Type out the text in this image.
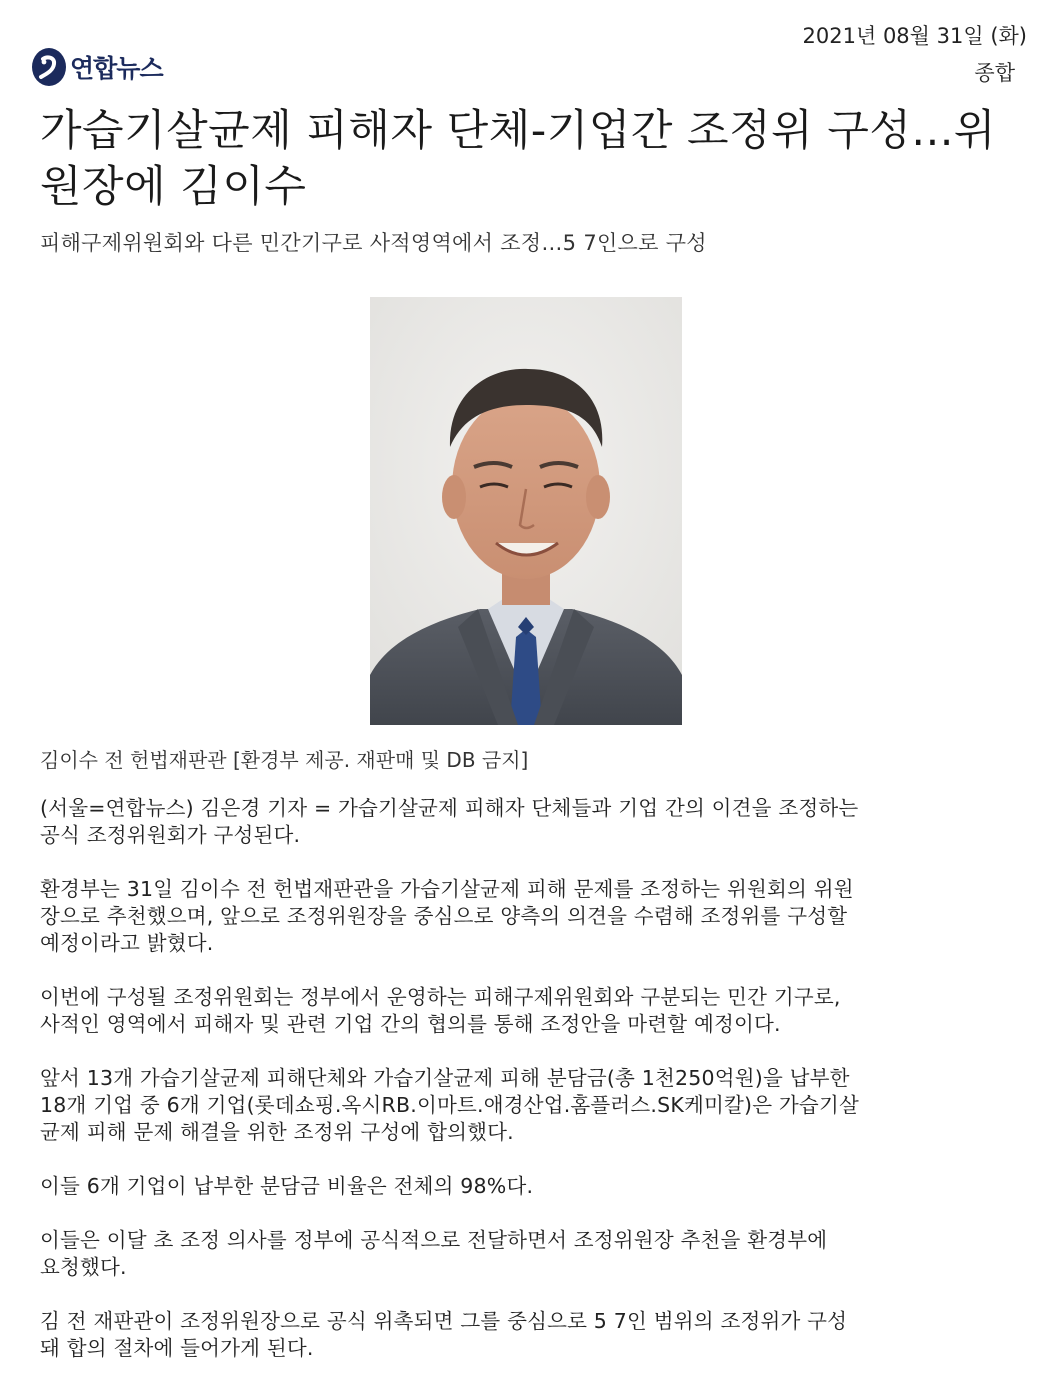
2021년 08월 31일 (화)
종합
연합뉴스
가습기살균제 피해자 단체-기업간 조정위 구성...위원장에 김이수
피해구제위원회와 다른 민간기구로 사적영역에서 조정…5 7인으로 구성
김이수 전 헌법재판관 [환경부 제공. 재판매 및 DB 금지]

(서울=연합뉴스) 김은경 기자 = 가습기살균제 피해자 단체들과 기업 간의 이견을 조정하는
공식 조정위원회가 구성된다.

환경부는 31일 김이수 전 헌법재판관을 가습기살균제 피해 문제를 조정하는 위원회의 위원
장으로 추천했으며, 앞으로 조정위원장을 중심으로 양측의 의견을 수렴해 조정위를 구성할
예정이라고 밝혔다.

이번에 구성될 조정위원회는 정부에서 운영하는 피해구제위원회와 구분되는 민간 기구로,
사적인 영역에서 피해자 및 관련 기업 간의 협의를 통해 조정안을 마련할 예정이다.

앞서 13개 가습기살균제 피해단체와 가습기살균제 피해 분담금(총 1천250억원)을 납부한
18개 기업 중 6개 기업(롯데쇼핑.옥시RB.이마트.애경산업.홈플러스.SK케미칼)은 가습기살
균제 피해 문제 해결을 위한 조정위 구성에 합의했다.

이들 6개 기업이 납부한 분담금 비율은 전체의 98%다.

이들은 이달 초 조정 의사를 정부에 공식적으로 전달하면서 조정위원장 추천을 환경부에
요청했다.

김 전 재판관이 조정위원장으로 공식 위촉되면 그를 중심으로 5 7인 범위의 조정위가 구성
돼 합의 절차에 들어가게 된다.
